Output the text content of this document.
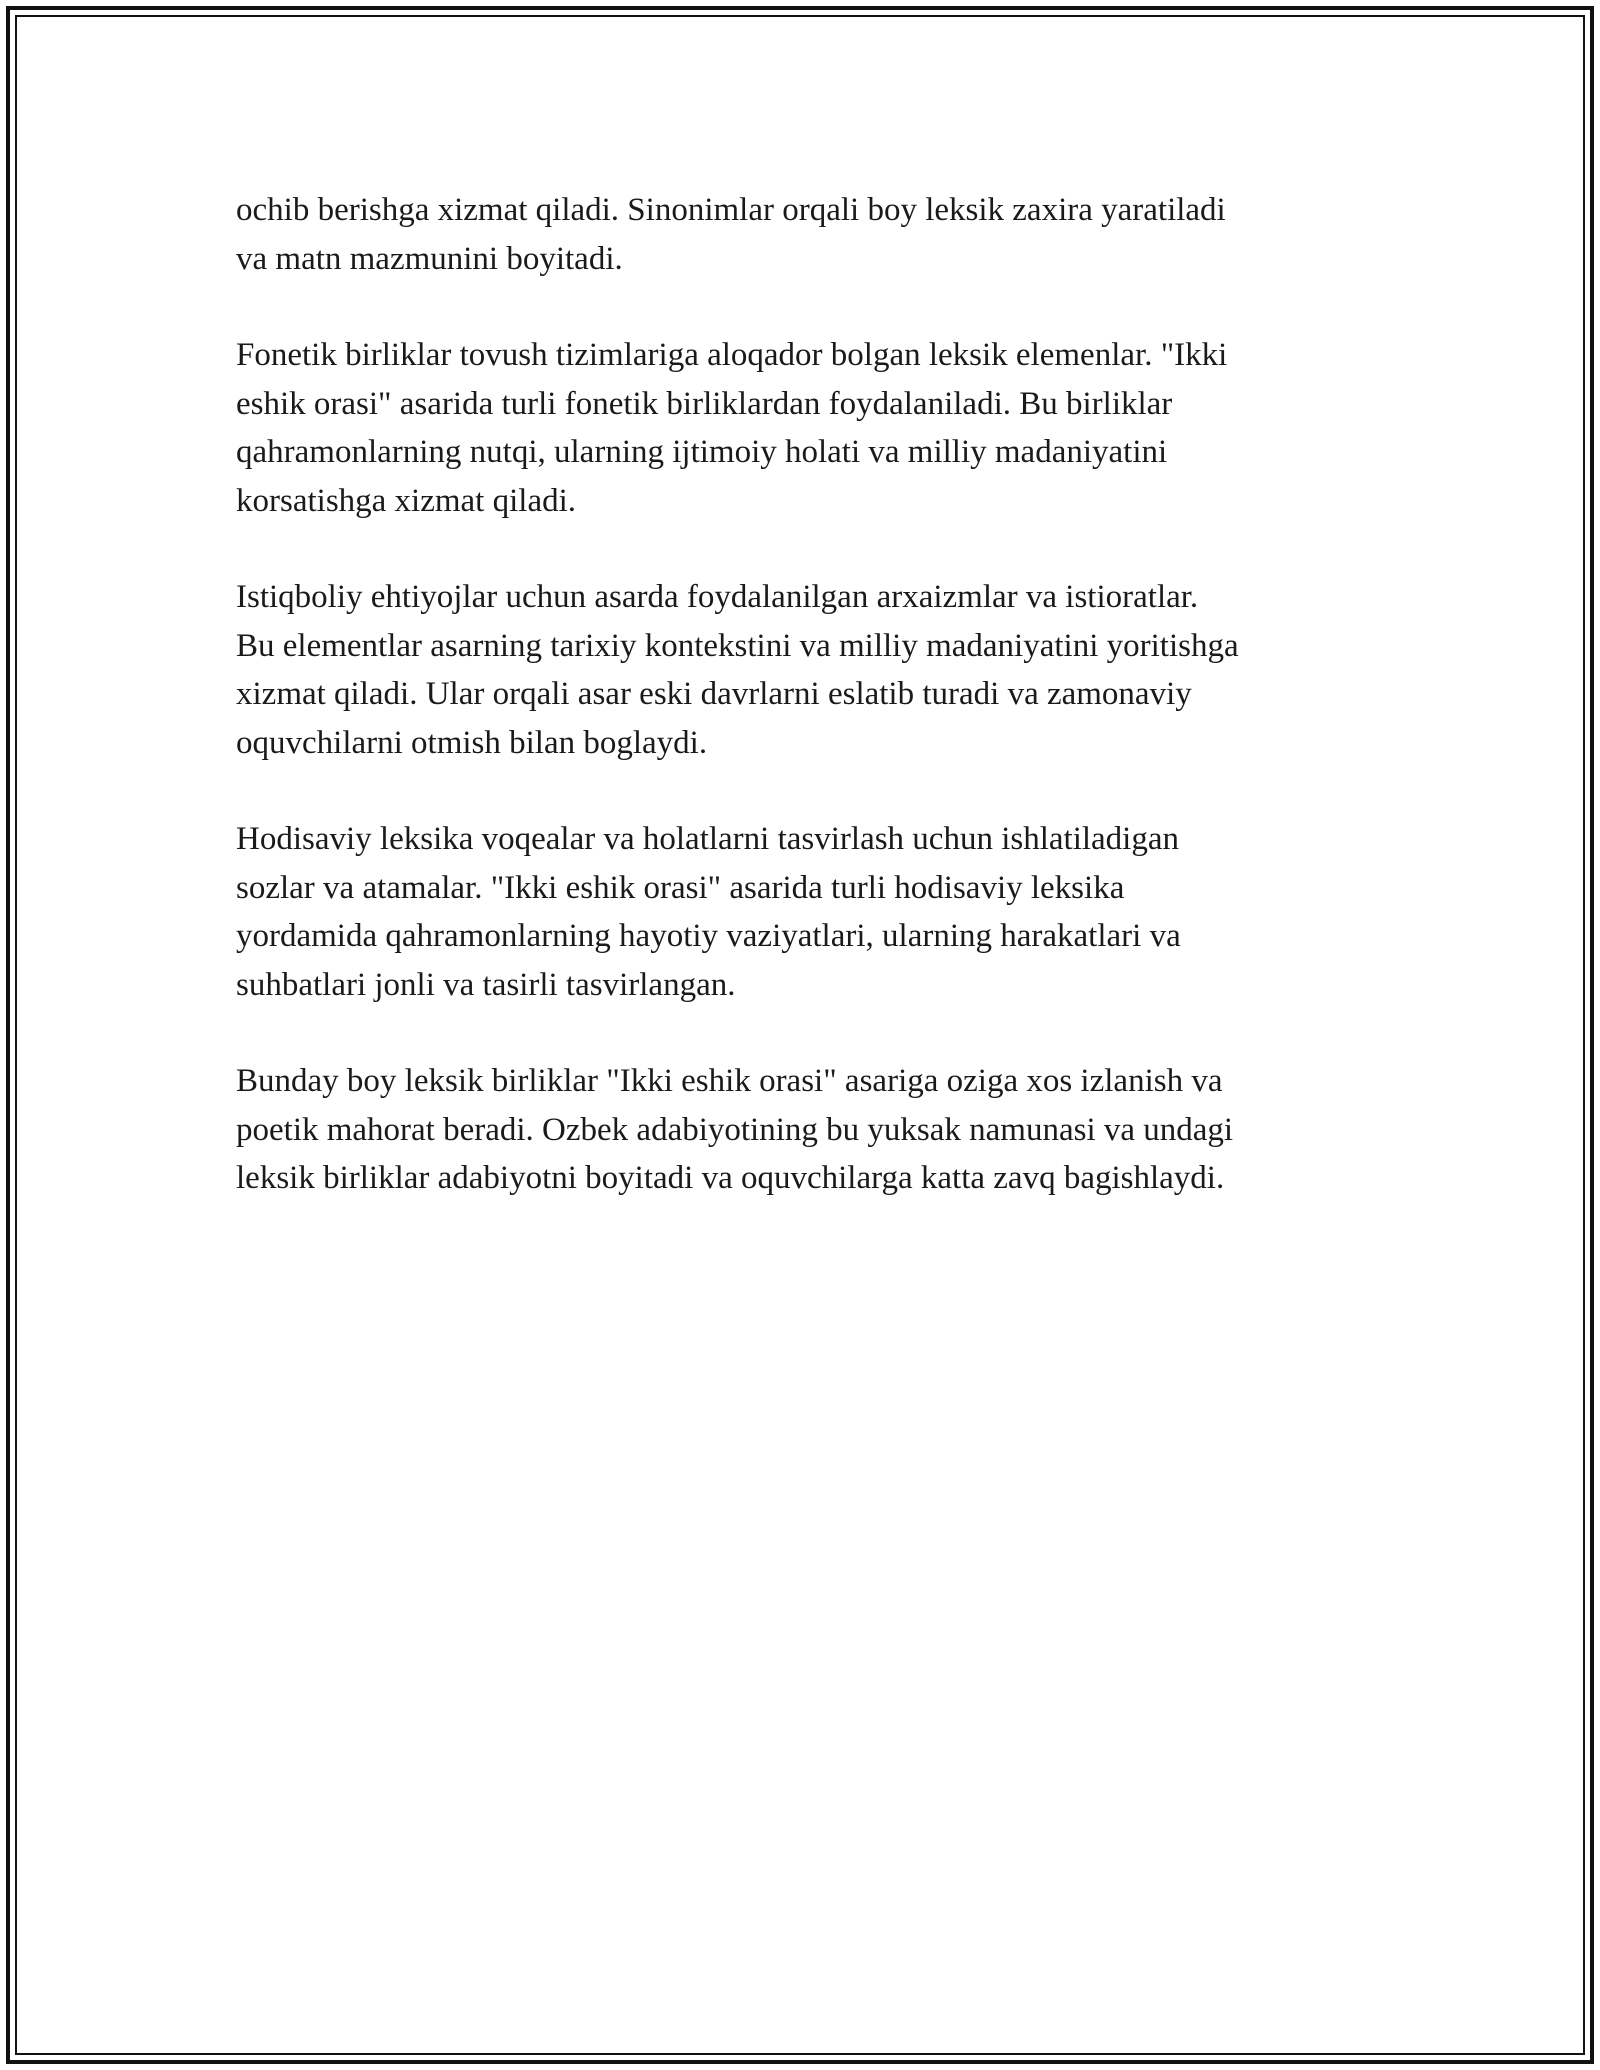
ochib berishga xizmat qiladi. Sinonimlar orqali boy leksik zaxira yaratiladi
va matn mazmunini boyitadi.

Fonetik birliklar tovush tizimlariga aloqador bolgan leksik elemenlar. "Ikki
eshik orasi" asarida turli fonetik birliklardan foydalaniladi. Bu birliklar
qahramonlarning nutqi, ularning ijtimoiy holati va milliy madaniyatini
korsatishga xizmat qiladi.

Istiqboliy ehtiyojlar uchun asarda foydalanilgan arxaizmlar va istioratlar.
Bu elementlar asarning tarixiy kontekstini va milliy madaniyatini yoritishga
xizmat qiladi. Ular orqali asar eski davrlarni eslatib turadi va zamonaviy
oquvchilarni otmish bilan boglaydi.

Hodisaviy leksika voqealar va holatlarni tasvirlash uchun ishlatiladigan
sozlar va atamalar. "Ikki eshik orasi" asarida turli hodisaviy leksika
yordamida qahramonlarning hayotiy vaziyatlari, ularning harakatlari va
suhbatlari jonli va tasirli tasvirlangan.

Bunday boy leksik birliklar "Ikki eshik orasi" asariga oziga xos izlanish va
poetik mahorat beradi. Ozbek adabiyotining bu yuksak namunasi va undagi
leksik birliklar adabiyotni boyitadi va oquvchilarga katta zavq bagishlaydi.
